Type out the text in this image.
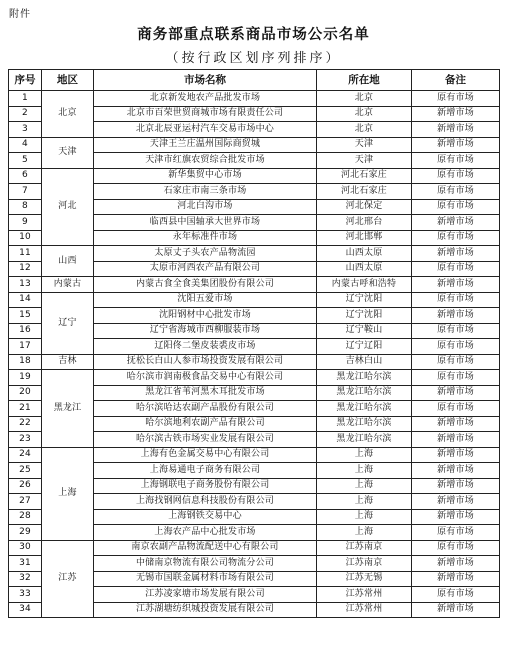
附件
商务部重点联系商品市场公示名单
（按行政区划序列排序）
序号	地区	市场名称	所在地	备注
1	北京	北京新发地农产品批发市场	北京	原有市场
2		北京市百荣世贸商城市场有限责任公司	北京	新增市场
3		北京北辰亚运村汽车交易市场中心	北京	新增市场
4	天津	天津王兰庄温州国际商贸城	天津	新增市场
5		天津市红旗农贸综合批发市场	天津	原有市场
6	河北	新华集贸中心市场	河北石家庄	原有市场
7		石家庄市南三条市场	河北石家庄	原有市场
8		河北白沟市场	河北保定	原有市场
9		临西县中国轴承大世界市场	河北邢台	新增市场
10		永年标准件市场	河北邯郸	原有市场
11	山西	太原丈子头农产品物流园	山西太原	新增市场
12		太原市河西农产品有限公司	山西太原	原有市场
13	内蒙古	内蒙古食全食美集团股份有限公司	内蒙古呼和浩特	新增市场
14	辽宁	沈阳五爱市场	辽宁沈阳	原有市场
15		沈阳钢材中心批发市场	辽宁沈阳	新增市场
16		辽宁省海城市西柳服装市场	辽宁鞍山	原有市场
17		辽阳佟二堡皮装裘皮市场	辽宁辽阳	原有市场
18	吉林	抚松长白山人参市场投资发展有限公司	吉林白山	原有市场
19	黑龙江	哈尔滨市润南极食品交易中心有限公司	黑龙江哈尔滨	原有市场
20		黑龙江省苇河黑木耳批发市场	黑龙江哈尔滨	新增市场
21		哈尔滨哈达农副产品股份有限公司	黑龙江哈尔滨	原有市场
22		哈尔滨地利农副产品有限公司	黑龙江哈尔滨	新增市场
23		哈尔滨古铁市场实业发展有限公司	黑龙江哈尔滨	新增市场
24	上海	上海有色金属交易中心有限公司	上海	新增市场
25		上海易通电子商务有限公司	上海	新增市场
26		上海钢联电子商务股份有限公司	上海	新增市场
27		上海找钢网信息科技股份有限公司	上海	新增市场
28		上海钢铁交易中心	上海	新增市场
29		上海农产品中心批发市场	上海	原有市场
30	江苏	南京农副产品物流配送中心有限公司	江苏南京	原有市场
31		中储南京物流有限公司物流分公司	江苏南京	新增市场
32		无锡市国联金属材料市场有限公司	江苏无锡	新增市场
33		江苏凌家塘市场发展有限公司	江苏常州	原有市场
34		江苏湖塘纺织城投资发展有限公司	江苏常州	新增市场
